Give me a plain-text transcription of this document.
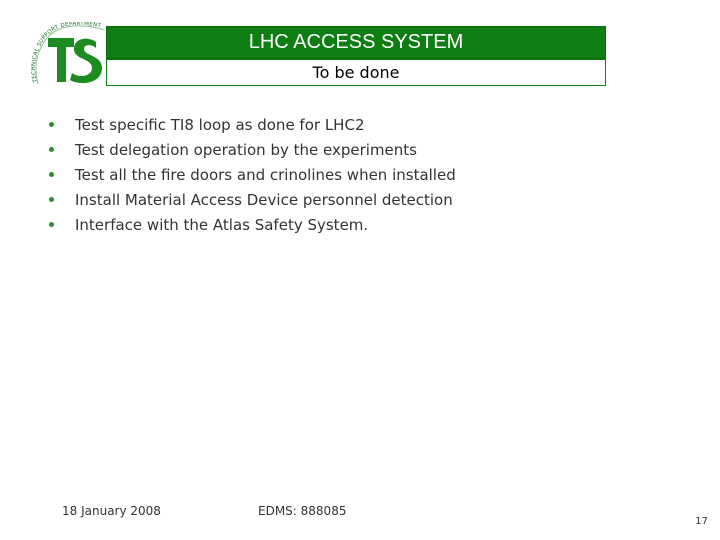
TECHNICAL SUPPORT DEPARTMENT
LHC ACCESS SYSTEM
To be done
Test specific TI8 loop as done for LHC2
Test delegation operation by the experiments
Test all the fire doors and crinolines when installed
Install Material Access Device personnel detection
Interface with the Atlas Safety System.
18 January 2008	EDMS: 888085
17
